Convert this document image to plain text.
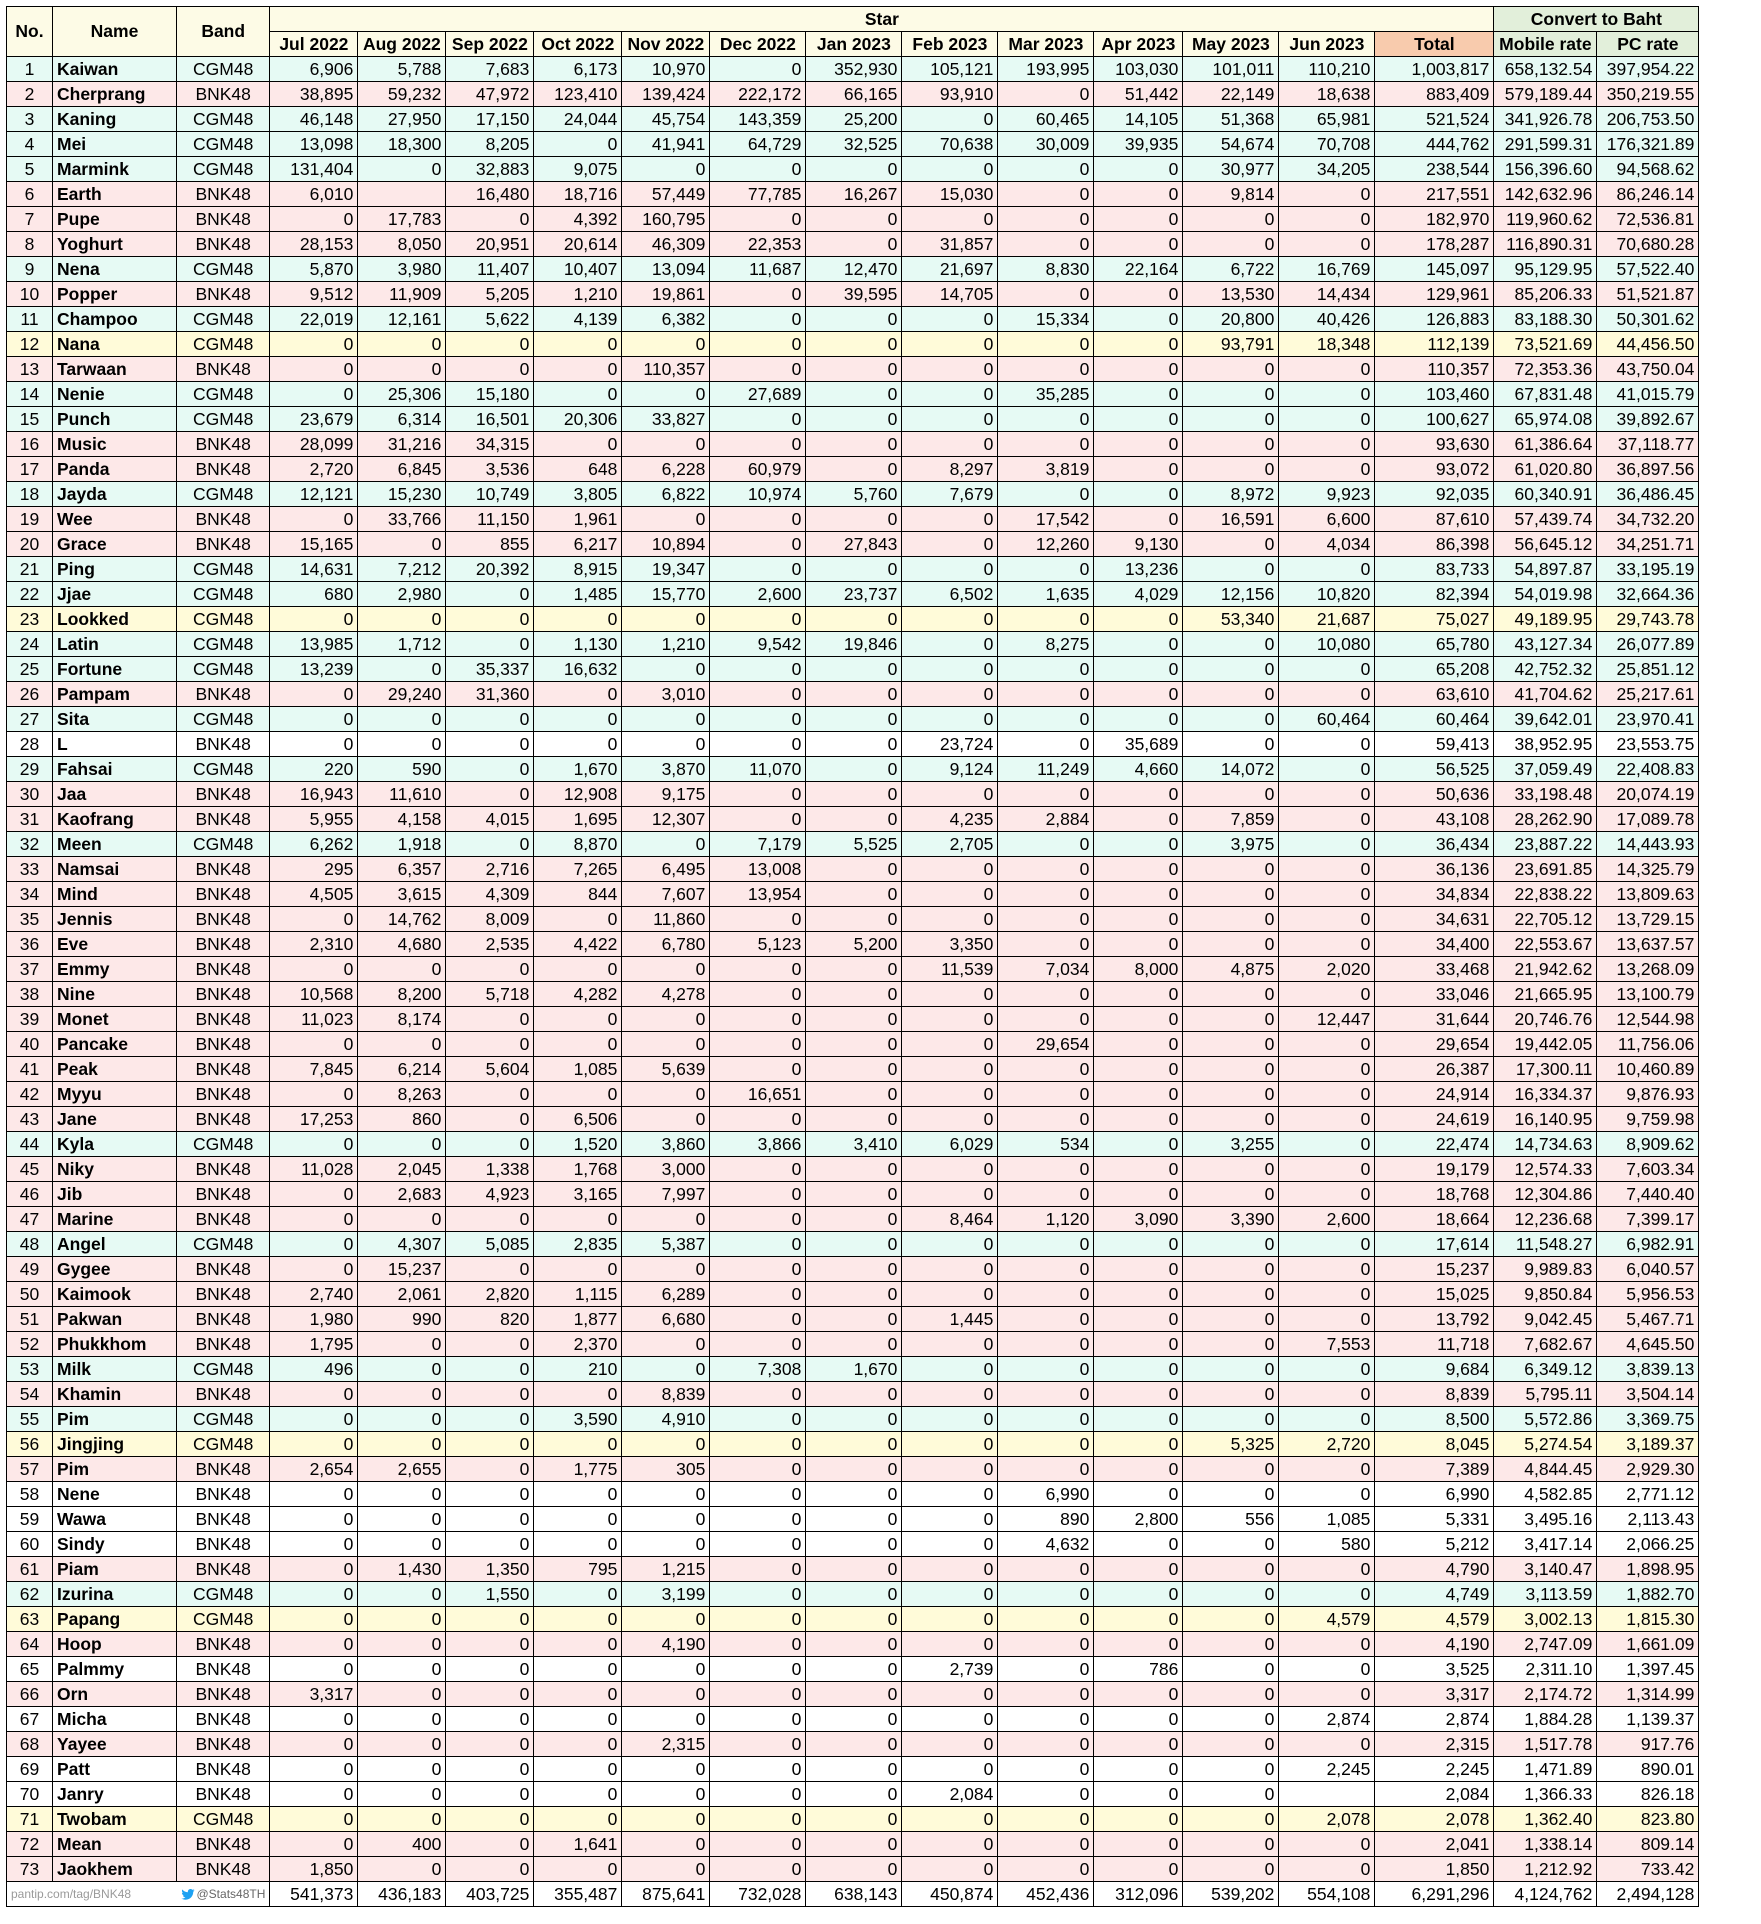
No.	Name	Band	Star													Convert to Baht	
			Jul 2022	Aug 2022	Sep 2022	Oct 2022	Nov 2022	Dec 2022	Jan 2023	Feb 2023	Mar 2023	Apr 2023	May 2023	Jun 2023	Total	Mobile rate	PC rate
1	Kaiwan	CGM48	6,906	5,788	7,683	6,173	10,970	0	352,930	105,121	193,995	103,030	101,011	110,210	1,003,817	658,132.54	397,954.22
2	Cherprang	BNK48	38,895	59,232	47,972	123,410	139,424	222,172	66,165	93,910	0	51,442	22,149	18,638	883,409	579,189.44	350,219.55
3	Kaning	CGM48	46,148	27,950	17,150	24,044	45,754	143,359	25,200	0	60,465	14,105	51,368	65,981	521,524	341,926.78	206,753.50
4	Mei	CGM48	13,098	18,300	8,205	0	41,941	64,729	32,525	70,638	30,009	39,935	54,674	70,708	444,762	291,599.31	176,321.89
5	Marmink	CGM48	131,404	0	32,883	9,075	0	0	0	0	0	0	30,977	34,205	238,544	156,396.60	94,568.62
6	Earth	BNK48	6,010		16,480	18,716	57,449	77,785	16,267	15,030	0	0	9,814	0	217,551	142,632.96	86,246.14
7	Pupe	BNK48	0	17,783	0	4,392	160,795	0	0	0	0	0	0	0	182,970	119,960.62	72,536.81
8	Yoghurt	BNK48	28,153	8,050	20,951	20,614	46,309	22,353	0	31,857	0	0	0	0	178,287	116,890.31	70,680.28
9	Nena	CGM48	5,870	3,980	11,407	10,407	13,094	11,687	12,470	21,697	8,830	22,164	6,722	16,769	145,097	95,129.95	57,522.40
10	Popper	BNK48	9,512	11,909	5,205	1,210	19,861	0	39,595	14,705	0	0	13,530	14,434	129,961	85,206.33	51,521.87
11	Champoo	CGM48	22,019	12,161	5,622	4,139	6,382	0	0	0	15,334	0	20,800	40,426	126,883	83,188.30	50,301.62
12	Nana	CGM48	0	0	0	0	0	0	0	0	0	0	93,791	18,348	112,139	73,521.69	44,456.50
13	Tarwaan	BNK48	0	0	0	0	110,357	0	0	0	0	0	0	0	110,357	72,353.36	43,750.04
14	Nenie	CGM48	0	25,306	15,180	0	0	27,689	0	0	35,285	0	0	0	103,460	67,831.48	41,015.79
15	Punch	CGM48	23,679	6,314	16,501	20,306	33,827	0	0	0	0	0	0	0	100,627	65,974.08	39,892.67
16	Music	BNK48	28,099	31,216	34,315	0	0	0	0	0	0	0	0	0	93,630	61,386.64	37,118.77
17	Panda	BNK48	2,720	6,845	3,536	648	6,228	60,979	0	8,297	3,819	0	0	0	93,072	61,020.80	36,897.56
18	Jayda	CGM48	12,121	15,230	10,749	3,805	6,822	10,974	5,760	7,679	0	0	8,972	9,923	92,035	60,340.91	36,486.45
19	Wee	BNK48	0	33,766	11,150	1,961	0	0	0	0	17,542	0	16,591	6,600	87,610	57,439.74	34,732.20
20	Grace	BNK48	15,165	0	855	6,217	10,894	0	27,843	0	12,260	9,130	0	4,034	86,398	56,645.12	34,251.71
21	Ping	CGM48	14,631	7,212	20,392	8,915	19,347	0	0	0	0	13,236	0	0	83,733	54,897.87	33,195.19
22	Jjae	CGM48	680	2,980	0	1,485	15,770	2,600	23,737	6,502	1,635	4,029	12,156	10,820	82,394	54,019.98	32,664.36
23	Lookked	CGM48	0	0	0	0	0	0	0	0	0	0	53,340	21,687	75,027	49,189.95	29,743.78
24	Latin	CGM48	13,985	1,712	0	1,130	1,210	9,542	19,846	0	8,275	0	0	10,080	65,780	43,127.34	26,077.89
25	Fortune	CGM48	13,239	0	35,337	16,632	0	0	0	0	0	0	0	0	65,208	42,752.32	25,851.12
26	Pampam	BNK48	0	29,240	31,360	0	3,010	0	0	0	0	0	0	0	63,610	41,704.62	25,217.61
27	Sita	CGM48	0	0	0	0	0	0	0	0	0	0	0	60,464	60,464	39,642.01	23,970.41
28	L	BNK48	0	0	0	0	0	0	0	23,724	0	35,689	0	0	59,413	38,952.95	23,553.75
29	Fahsai	CGM48	220	590	0	1,670	3,870	11,070	0	9,124	11,249	4,660	14,072	0	56,525	37,059.49	22,408.83
30	Jaa	BNK48	16,943	11,610	0	12,908	9,175	0	0	0	0	0	0	0	50,636	33,198.48	20,074.19
31	Kaofrang	BNK48	5,955	4,158	4,015	1,695	12,307	0	0	4,235	2,884	0	7,859	0	43,108	28,262.90	17,089.78
32	Meen	CGM48	6,262	1,918	0	8,870	0	7,179	5,525	2,705	0	0	3,975	0	36,434	23,887.22	14,443.93
33	Namsai	BNK48	295	6,357	2,716	7,265	6,495	13,008	0	0	0	0	0	0	36,136	23,691.85	14,325.79
34	Mind	BNK48	4,505	3,615	4,309	844	7,607	13,954	0	0	0	0	0	0	34,834	22,838.22	13,809.63
35	Jennis	BNK48	0	14,762	8,009	0	11,860	0	0	0	0	0	0	0	34,631	22,705.12	13,729.15
36	Eve	BNK48	2,310	4,680	2,535	4,422	6,780	5,123	5,200	3,350	0	0	0	0	34,400	22,553.67	13,637.57
37	Emmy	BNK48	0	0	0	0	0	0	0	11,539	7,034	8,000	4,875	2,020	33,468	21,942.62	13,268.09
38	Nine	BNK48	10,568	8,200	5,718	4,282	4,278	0	0	0	0	0	0	0	33,046	21,665.95	13,100.79
39	Monet	BNK48	11,023	8,174	0	0	0	0	0	0	0	0	0	12,447	31,644	20,746.76	12,544.98
40	Pancake	BNK48	0	0	0	0	0	0	0	0	29,654	0	0	0	29,654	19,442.05	11,756.06
41	Peak	BNK48	7,845	6,214	5,604	1,085	5,639	0	0	0	0	0	0	0	26,387	17,300.11	10,460.89
42	Myyu	BNK48	0	8,263	0	0	0	16,651	0	0	0	0	0	0	24,914	16,334.37	9,876.93
43	Jane	BNK48	17,253	860	0	6,506	0	0	0	0	0	0	0	0	24,619	16,140.95	9,759.98
44	Kyla	CGM48	0	0	0	1,520	3,860	3,866	3,410	6,029	534	0	3,255	0	22,474	14,734.63	8,909.62
45	Niky	BNK48	11,028	2,045	1,338	1,768	3,000	0	0	0	0	0	0	0	19,179	12,574.33	7,603.34
46	Jib	BNK48	0	2,683	4,923	3,165	7,997	0	0	0	0	0	0	0	18,768	12,304.86	7,440.40
47	Marine	BNK48	0	0	0	0	0	0	0	8,464	1,120	3,090	3,390	2,600	18,664	12,236.68	7,399.17
48	Angel	CGM48	0	4,307	5,085	2,835	5,387	0	0	0	0	0	0	0	17,614	11,548.27	6,982.91
49	Gygee	BNK48	0	15,237	0	0	0	0	0	0	0	0	0	0	15,237	9,989.83	6,040.57
50	Kaimook	BNK48	2,740	2,061	2,820	1,115	6,289	0	0	0	0	0	0	0	15,025	9,850.84	5,956.53
51	Pakwan	BNK48	1,980	990	820	1,877	6,680	0	0	1,445	0	0	0	0	13,792	9,042.45	5,467.71
52	Phukkhom	BNK48	1,795	0	0	2,370	0	0	0	0	0	0	0	7,553	11,718	7,682.67	4,645.50
53	Milk	CGM48	496	0	0	210	0	7,308	1,670	0	0	0	0	0	9,684	6,349.12	3,839.13
54	Khamin	BNK48	0	0	0	0	8,839	0	0	0	0	0	0	0	8,839	5,795.11	3,504.14
55	Pim	CGM48	0	0	0	3,590	4,910	0	0	0	0	0	0	0	8,500	5,572.86	3,369.75
56	Jingjing	CGM48	0	0	0	0	0	0	0	0	0	0	5,325	2,720	8,045	5,274.54	3,189.37
57	Pim	BNK48	2,654	2,655	0	1,775	305	0	0	0	0	0	0	0	7,389	4,844.45	2,929.30
58	Nene	BNK48	0	0	0	0	0	0	0	0	6,990	0	0	0	6,990	4,582.85	2,771.12
59	Wawa	BNK48	0	0	0	0	0	0	0	0	890	2,800	556	1,085	5,331	3,495.16	2,113.43
60	Sindy	BNK48	0	0	0	0	0	0	0	0	4,632	0	0	580	5,212	3,417.14	2,066.25
61	Piam	BNK48	0	1,430	1,350	795	1,215	0	0	0	0	0	0	0	4,790	3,140.47	1,898.95
62	Izurina	CGM48	0	0	1,550	0	3,199	0	0	0	0	0	0	0	4,749	3,113.59	1,882.70
63	Papang	CGM48	0	0	0	0	0	0	0	0	0	0	0	4,579	4,579	3,002.13	1,815.30
64	Hoop	BNK48	0	0	0	0	4,190	0	0	0	0	0	0	0	4,190	2,747.09	1,661.09
65	Palmmy	BNK48	0	0	0	0	0	0	0	2,739	0	786	0	0	3,525	2,311.10	1,397.45
66	Orn	BNK48	3,317	0	0	0	0	0	0	0	0	0	0	0	3,317	2,174.72	1,314.99
67	Micha	BNK48	0	0	0	0	0	0	0	0	0	0	0	2,874	2,874	1,884.28	1,139.37
68	Yayee	BNK48	0	0	0	0	2,315	0	0	0	0	0	0	0	2,315	1,517.78	917.76
69	Patt	BNK48	0	0	0	0	0	0	0	0	0	0	0	2,245	2,245	1,471.89	890.01
70	Janry	BNK48	0	0	0	0	0	0	0	2,084	0	0	0		2,084	1,366.33	826.18
71	Twobam	CGM48	0	0	0	0	0	0	0	0	0	0	0	2,078	2,078	1,362.40	823.80
72	Mean	BNK48	0	400	0	1,641	0	0	0	0	0	0	0	0	2,041	1,338.14	809.14
73	Jaokhem	BNK48	1,850	0	0	0	0	0	0	0	0	0	0	0	1,850	1,212.92	733.42
pantip.com/tag/BNK48		@Stats48TH	541,373	436,183	403,725	355,487	875,641	732,028	638,143	450,874	452,436	312,096	539,202	554,108	6,291,296	4,124,762	2,494,128
